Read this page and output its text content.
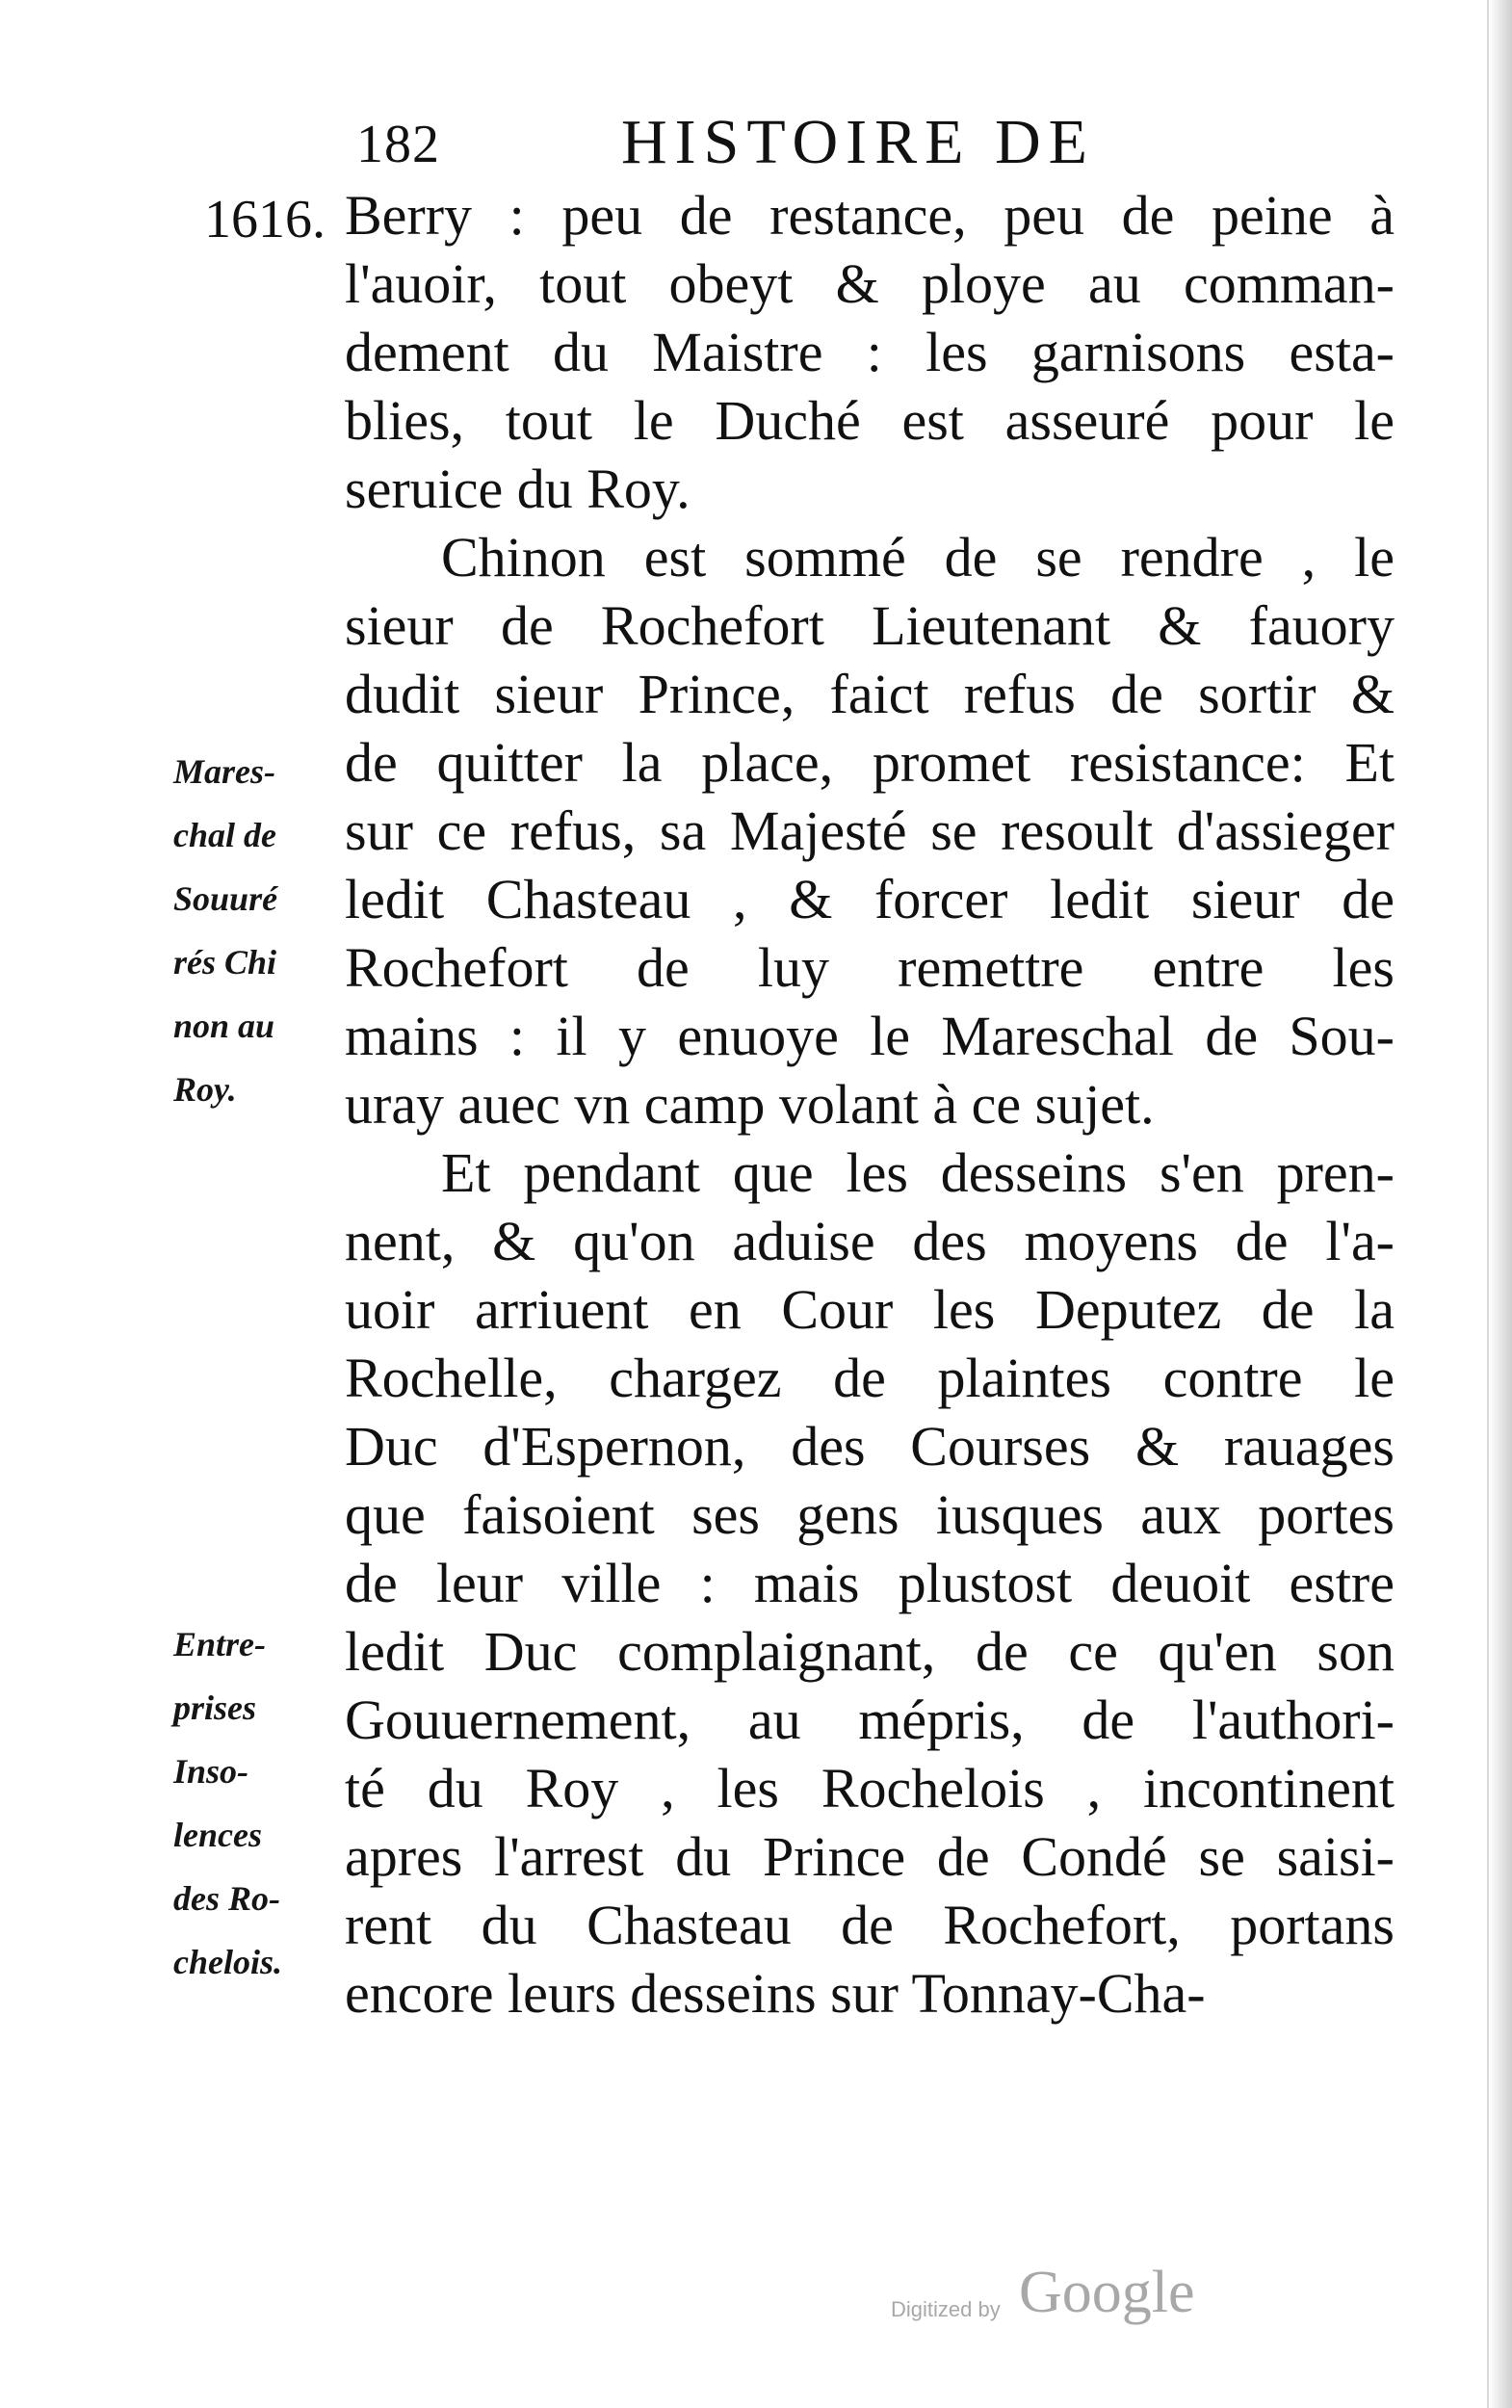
182	HISTOIRE DE
1616.
Mares-
chal de
Souuré
rés Chi
non au
Roy.
Entre-
prises
Inso-
lences
des Ro-
chelois.
Berry : peu de restance, peu de peine à
l'auoir, tout obeyt & ploye au comman-
dement du Maistre : les garnisons esta-
blies, tout le Duché est asseuré pour le
seruice du Roy.
Chinon est sommé de se rendre , le
sieur de Rochefort Lieutenant & fauory
dudit sieur Prince, faict refus de sortir &
de quitter la place, promet resistance: Et
sur ce refus, sa Majesté se resoult d'assieger
ledit Chasteau , & forcer ledit sieur de
Rochefort de luy remettre entre les
mains : il y enuoye le Mareschal de Sou-
uray auec vn camp volant à ce sujet.
Et pendant que les desseins s'en pren-
nent, & qu'on aduise des moyens de l'a-
uoir arriuent en Cour les Deputez de la
Rochelle, chargez de plaintes contre le
Duc d'Espernon, des Courses & rauages
que faisoient ses gens iusques aux portes
de leur ville : mais plustost deuoit estre
ledit Duc complaignant, de ce qu'en son
Gouuernement, au mépris, de l'authori-
té du Roy , les Rochelois , incontinent
apres l'arrest du Prince de Condé se saisi-
rent du Chasteau de Rochefort, portans
encore leurs desseins sur Tonnay-Cha-
Digitized by Google
